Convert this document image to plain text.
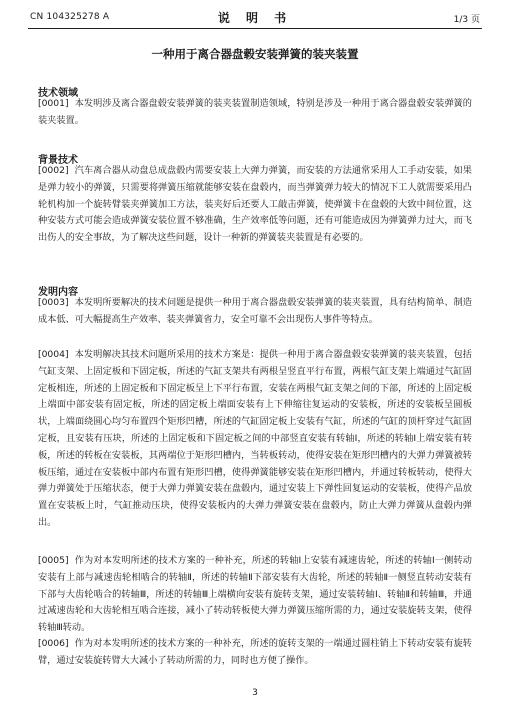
CN 104325278 A	说 明 书	1/3 页
一种用于离合器盘毂安装弹簧的装夹装置
技术领域
[0001] 本发明涉及离合器盘毂安装弹簧的装夹装置制造领域，特别是涉及一种用于离合器盘毂安装弹簧的装夹装置。
背景技术
[0002] 汽车离合器从动盘总成盘毂内需要安装上大弹力弹簧，而安装的方法通常采用人工手动安装，如果是弹力较小的弹簧，只需要将弹簧压缩就能够安装在盘毂内，而当弹簧弹力较大的情况下工人就需要采用凸轮机构加一个旋转臂装夹弹簧加工方法，装夹好后还要人工敲击弹簧，使弹簧卡在盘毂的大致中间位置，这种安装方式可能会造成弹簧安装位置不够准确，生产效率低等问题，还有可能造成因为弹簧弹力过大，而飞出伤人的安全事故，为了解决这些问题，设计一种新的弹簧装夹装置是有必要的。
发明内容
[0003] 本发明所要解决的技术问题是提供一种用于离合器盘毂安装弹簧的装夹装置，具有结构简单、制造成本低、可大幅提高生产效率、装夹弹簧省力，安全可靠不会出现伤人事件等特点。
[0004] 本发明解决其技术问题所采用的技术方案是：提供一种用于离合器盘毂安装弹簧的装夹装置，包括气缸支架、上固定板和下固定板，所述的气缸支架共有两根呈竖直平行布置，两根气缸支架上端通过气缸固定板相连，所述的上固定板和下固定板呈上下平行布置，安装在两根气缸支架之间的下部，所述的上固定板上端面中部安装有固定板，所述的固定板上端面安装有上下伸缩往复运动的安装板，所述的安装板呈圆板状，上端面绕圆心均匀布置四个矩形凹槽，所述的气缸固定板上安装有气缸，所述的气缸的顶杆穿过气缸固定板，且安装有压块，所述的上固定板和下固定板之间的中部竖直安装有转轴Ⅰ，所述的转轴Ⅰ上端安装有转板，所述的转板在安装板，其两端位于矩形凹槽内，当转板转动，使得安装在矩形凹槽内的大弹力弹簧被转板压缩，通过在安装板中部内布置有矩形凹槽，使得弹簧能够安装在矩形凹槽内，并通过转板转动，使得大弹力弹簧处于压缩状态，便于大弹力弹簧安装在盘毂内，通过安装上下弹性回复运动的安装板，使得产品放置在安装板上时，气缸推动压块，使得安装板内的大弹力弹簧安装在盘毂内，防止大弹力弹簧从盘毂内弹出。
[0005] 作为对本发明所述的技术方案的一种补充，所述的转轴Ⅰ上安装有减速齿轮，所述的转轴Ⅰ一侧转动安装有上部与减速齿轮相啮合的转轴Ⅱ，所述的转轴Ⅱ下部安装有大齿轮，所述的转轴Ⅱ一侧竖直转动安装有下部与大齿轮啮合的转轴Ⅲ，所述的转轴Ⅲ上端横向安装有旋转支架，通过安装转轴Ⅰ、转轴Ⅱ和转轴Ⅲ，并通过减速齿轮和大齿轮相互啮合连接，减小了转动转板使大弹力弹簧压缩所需的力，通过安装旋转支架，使得转轴Ⅲ转动。
[0006] 作为对本发明所述的技术方案的一种补充，所述的旋转支架的一端通过圆柱销上下转动安装有旋转臂，通过安装旋转臂大大减小了转动所需的力，同时也方便了操作。
3
